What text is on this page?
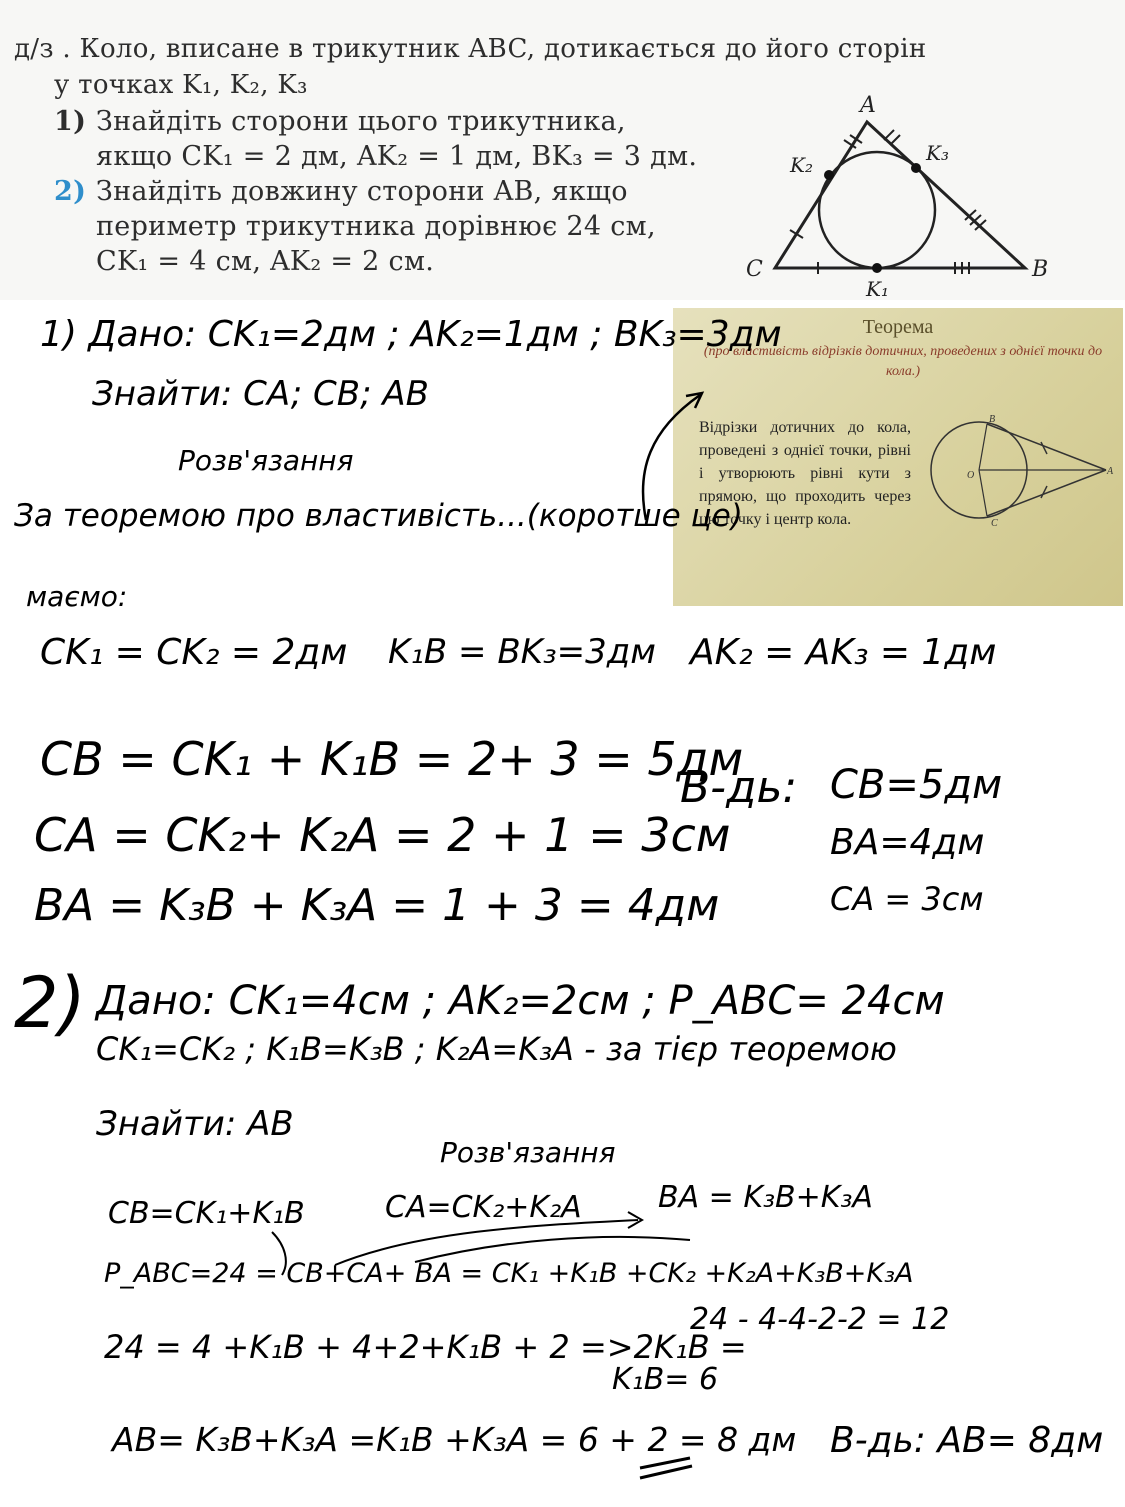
д/з . Коло, вписане в трикутник ABC, дотикається до його сторін
у точках K₁, K₂, K₃
1) Знайдіть сторони цього трикутника,
якщо CK₁ = 2 дм, AK₂ = 1 дм, BK₃ = 3 дм.
2) Знайдіть довжину сторони AB, якщо
периметр трикутника дорівнює 24 см,
CK₁ = 4 см, AK₂ = 2 см.
A
B
C
K₁
K₂	K₃
Теорема
(про властивість відрізків дотичних, проведених з однієї точки до кола.)
Відрізки дотичних до кола, проведені з однієї точки, рівні і утворюють рівні кути з прямою, що проходить через цю точку і центр кола.
B
O	A
C
1) Дано: CK₁=2дм ; AK₂=1дм ; BK₃=3дм
Знайти: CA; CB; AB
Розв'язання
За теоремою про властивість...(коротше це)
маємо:
CK₁ = CK₂ = 2дм K₁B = BK₃=3дм AK₂ = AK₃ = 1дм
CB = CK₁ + K₁B = 2+ 3 = 5дм
CA = CK₂+ K₂A = 2 + 1 = 3см
BA = K₃B + K₃A = 1 + 3 = 4дм
В-дь: CB=5дм
BA=4дм
CA = 3см
2) Дано: CK₁=4см ; AK₂=2см ; P_ABC= 24см
CK₁=CK₂ ; K₁B=K₃B ; K₂A=K₃A - за тієр теоремою
Знайти: AB
Розв'язання
CB=CK₁+K₁B	CA=CK₂+K₂A	BA = K₃B+K₃A
P_ABC=24 = CB+CA+ BA = CK₁ +K₁B +CK₂ +K₂A+K₃B+K₃A
24 = 4 +K₁B + 4+2+K₁B + 2 =>2K₁B =
24 - 4-4-2-2 = 12
K₁B= 6
AB= K₃B+K₃A =K₁B +K₃A = 6 + 2 = 8 дм В-дь: AB= 8дм
